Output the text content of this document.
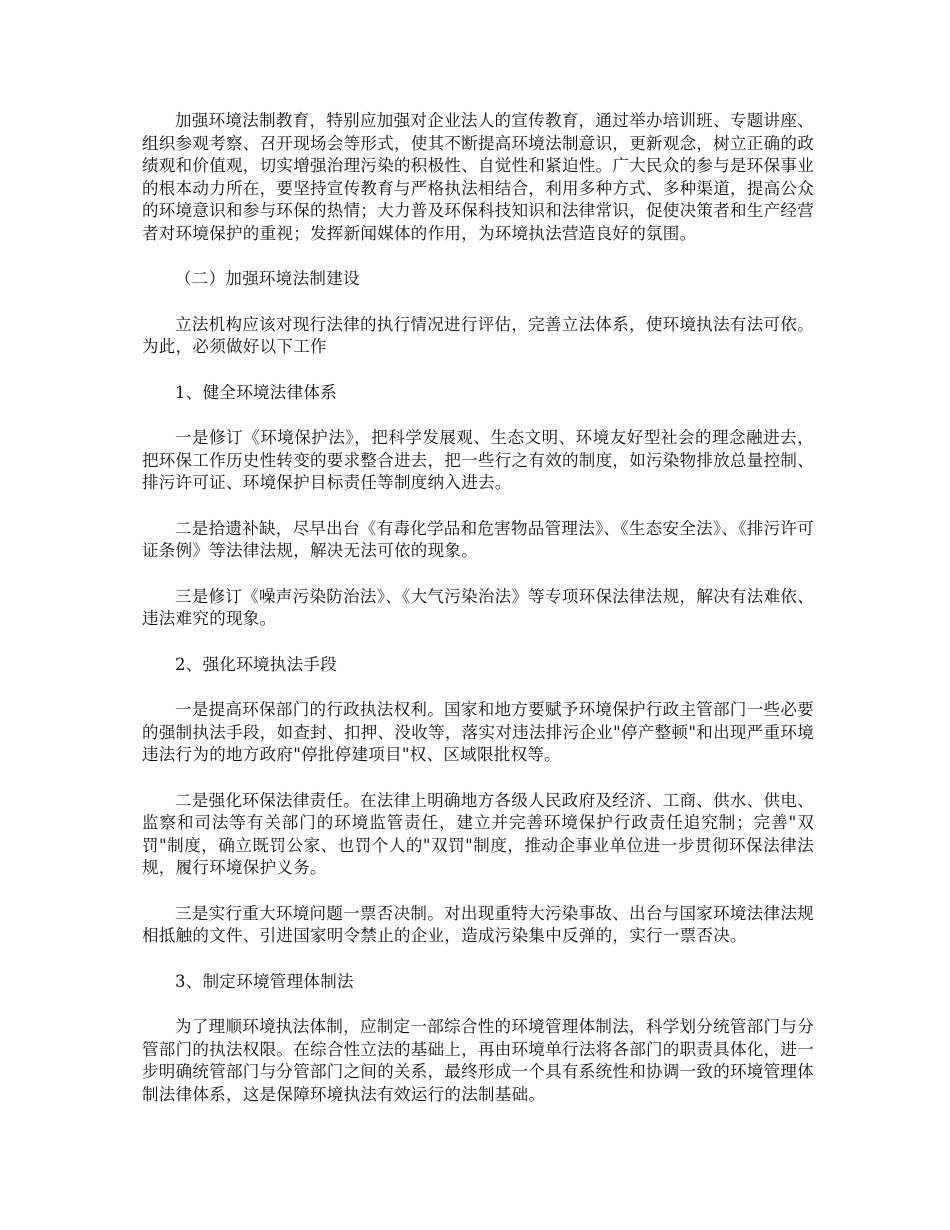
加强环境法制教育，特别应加强对企业法人的宣传教育，通过举办培训班、专题讲座、组织参观考察、召开现场会等形式，使其不断提高环境法制意识，更新观念，树立正确的政绩观和价值观，切实增强治理污染的积极性、自觉性和紧迫性。广大民众的参与是环保事业的根本动力所在，要坚持宣传教育与严格执法相结合，利用多种方式、多种渠道，提高公众的环境意识和参与环保的热情；大力普及环保科技知识和法律常识，促使决策者和生产经营者对环境保护的重视；发挥新闻媒体的作用，为环境执法营造良好的氛围。

（二）加强环境法制建设

立法机构应该对现行法律的执行情况进行评估，完善立法体系，使环境执法有法可依。为此，必须做好以下工作

1、健全环境法律体系

一是修订《环境保护法》，把科学发展观、生态文明、环境友好型社会的理念融进去，把环保工作历史性转变的要求整合进去，把一些行之有效的制度，如污染物排放总量控制、排污许可证、环境保护目标责任等制度纳入进去。

二是拾遗补缺，尽早出台《有毒化学品和危害物品管理法》、《生态安全法》、《排污许可证条例》等法律法规，解决无法可依的现象。

三是修订《噪声污染防治法》、《大气污染治法》等专项环保法律法规，解决有法难依、违法难究的现象。

2、强化环境执法手段

一是提高环保部门的行政执法权利。国家和地方要赋予环境保护行政主管部门一些必要的强制执法手段，如查封、扣押、没收等，落实对违法排污企业"停产整顿"和出现严重环境违法行为的地方政府"停批停建项目"权、区域限批权等。

二是强化环保法律责任。在法律上明确地方各级人民政府及经济、工商、供水、供电、监察和司法等有关部门的环境监管责任，建立并完善环境保护行政责任追究制；完善"双罚"制度，确立既罚公家、也罚个人的"双罚"制度，推动企事业单位进一步贯彻环保法律法规，履行环境保护义务。

三是实行重大环境问题一票否决制。对出现重特大污染事故、出台与国家环境法律法规相抵触的文件、引进国家明令禁止的企业，造成污染集中反弹的，实行一票否决。

3、制定环境管理体制法

为了理顺环境执法体制，应制定一部综合性的环境管理体制法，科学划分统管部门与分管部门的执法权限。在综合性立法的基础上，再由环境单行法将各部门的职责具体化，进一步明确统管部门与分管部门之间的关系，最终形成一个具有系统性和协调一致的环境管理体制法律体系，这是保障环境执法有效运行的法制基础。
